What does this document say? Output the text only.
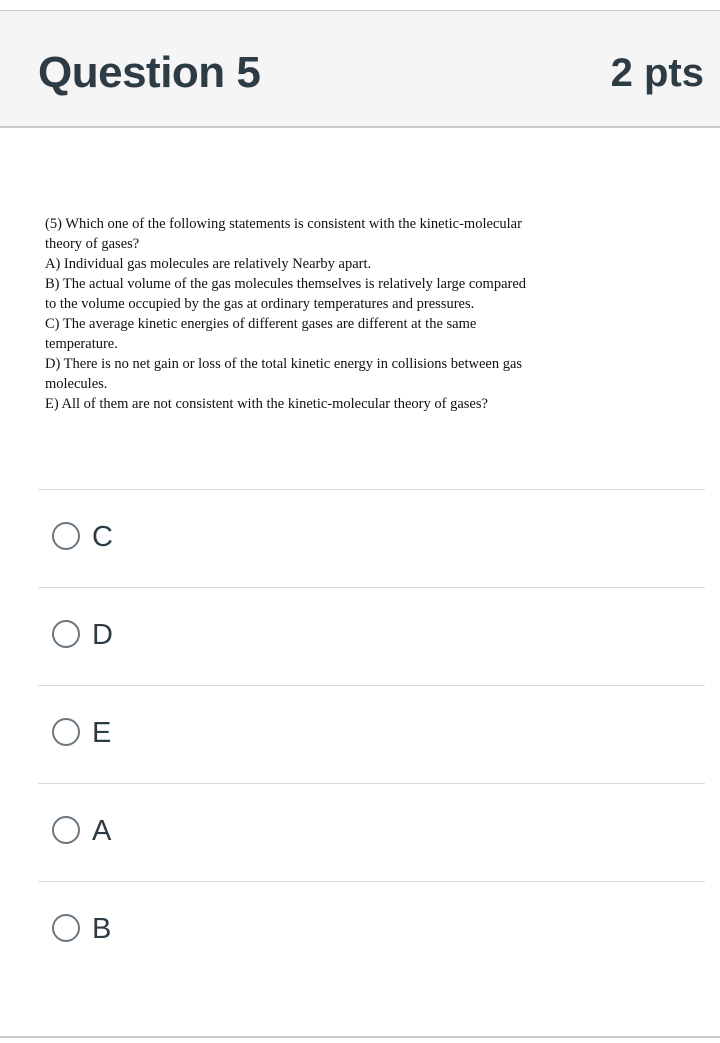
Question 5	2 pts
(5) Which one of the following statements is consistent with the kinetic-molecular
theory of gases?
A) Individual gas molecules are relatively Nearby apart.
B) The actual volume of the gas molecules themselves is relatively large compared
to the volume occupied by the gas at ordinary temperatures and pressures.
C) The average kinetic energies of different gases are different at the same
temperature.
D) There is no net gain or loss of the total kinetic energy in collisions between gas
molecules.
E) All of them are not consistent with the kinetic-molecular theory of gases?
C
D
E
A
B
